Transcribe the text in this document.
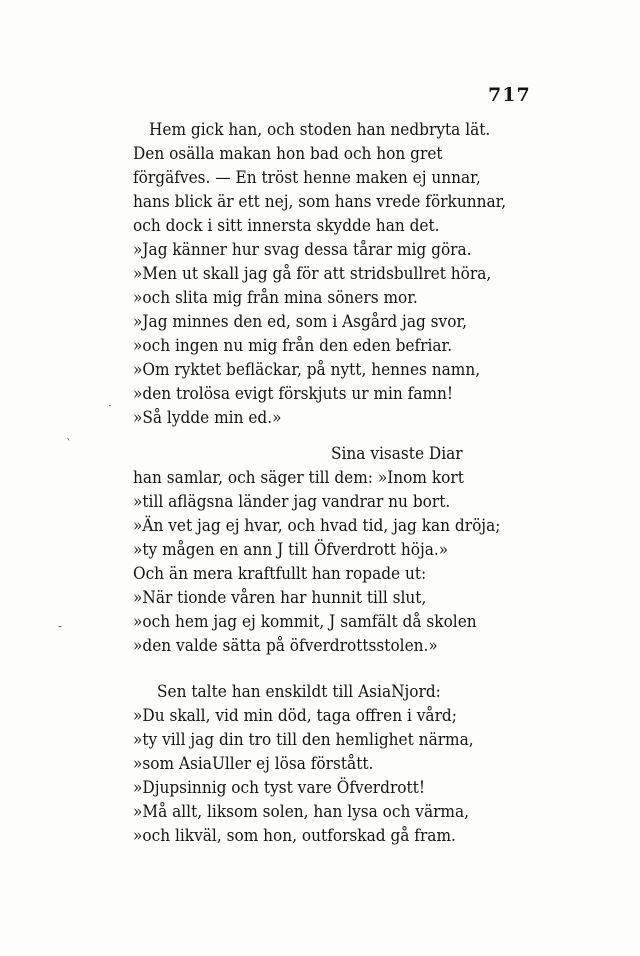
717
Hem gick han, och stoden han nedbryta lät.
Den osälla makan hon bad och hon gret
förgäfves. — En tröst henne maken ej unnar,
hans blick är ett nej, som hans vrede förkunnar,
och dock i sitt innersta skydde han det.
»Jag känner hur svag dessa tårar mig göra.
»Men ut skall jag gå för att stridsbullret höra,
»och slita mig från mina söners mor.
»Jag minnes den ed, som i Asgård jag svor,
»och ingen nu mig från den eden befriar.
»Om ryktet befläckar, på nytt, hennes namn,
»den trolösa evigt förskjuts ur min famn!
»Så lydde min ed.»
Sina visaste Diar
han samlar, och säger till dem: »Inom kort
»till aflägsna länder jag vandrar nu bort.
»Än vet jag ej hvar, och hvad tid, jag kan dröja;
»ty mågen en ann J till Öfverdrott höja.»
Och än mera kraftfullt han ropade ut:
»När tionde våren har hunnit till slut,
»och hem jag ej kommit, J samfält då skolen
»den valde sätta på öfverdrottsstolen.»
Sen talte han enskildt till AsiaNjord:
»Du skall, vid min död, taga offren i vård;
»ty vill jag din tro till den hemlighet närma,
»som AsiaUller ej lösa förstått.
»Djupsinnig och tyst vare Öfverdrott!
»Må allt, liksom solen, han lysa och värma,
»och likväl, som hon, outforskad gå fram.
·
ˋ
-
